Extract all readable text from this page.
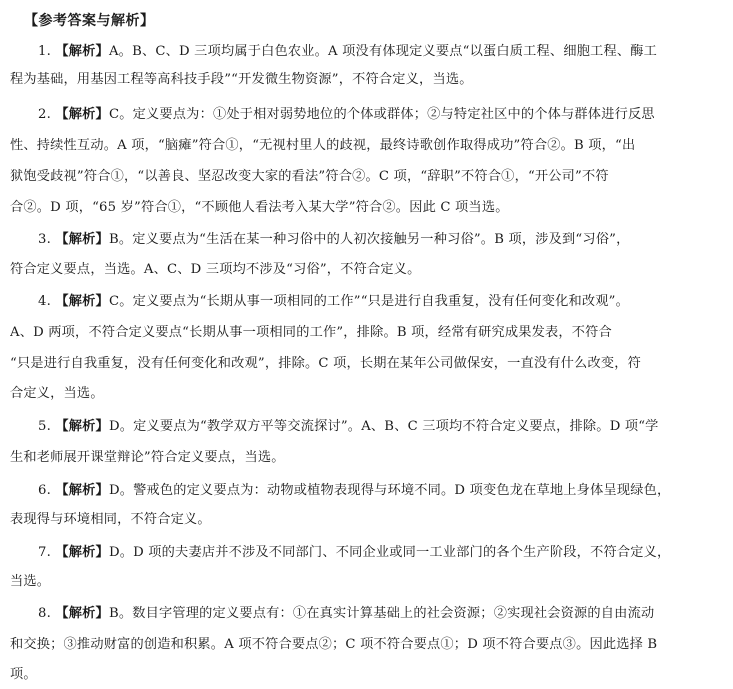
【参考答案与解析】
1. 【解析】A。B、C、D 三项均属于白色农业。A 项没有体现定义要点“以蛋白质工程、细胞工程、酶工
程为基础，用基因工程等高科技手段”“开发微生物资源”，不符合定义，当选。
2. 【解析】C。定义要点为：①处于相对弱势地位的个体或群体；②与特定社区中的个体与群体进行反思
性、持续性互动。A 项，“脑瘫”符合①，“无视村里人的歧视，最终诗歌创作取得成功”符合②。B 项，“出
狱饱受歧视”符合①，“以善良、坚忍改变大家的看法”符合②。C 项，“辞职”不符合①，“开公司”不符
合②。D 项，“65 岁”符合①，“不顾他人看法考入某大学”符合②。因此 C 项当选。
3. 【解析】B。定义要点为“生活在某一种习俗中的人初次接触另一种习俗”。B 项，涉及到“习俗”，
符合定义要点，当选。A、C、D 三项均不涉及“习俗”，不符合定义。
4. 【解析】C。定义要点为“长期从事一项相同的工作”“只是进行自我重复，没有任何变化和改观”。
A、D 两项，不符合定义要点“长期从事一项相同的工作”，排除。B 项，经常有研究成果发表，不符合
“只是进行自我重复，没有任何变化和改观”，排除。C 项，长期在某年公司做保安，一直没有什么改变，符
合定义，当选。
5. 【解析】D。定义要点为“教学双方平等交流探讨”。A、B、C 三项均不符合定义要点，排除。D 项“学
生和老师展开课堂辩论”符合定义要点，当选。
6. 【解析】D。警戒色的定义要点为：动物或植物表现得与环境不同。D 项变色龙在草地上身体呈现绿色，
表现得与环境相同，不符合定义。
7. 【解析】D。D 项的夫妻店并不涉及不同部门、不同企业或同一工业部门的各个生产阶段，不符合定义，
当选。
8. 【解析】B。数目字管理的定义要点有：①在真实计算基础上的社会资源；②实现社会资源的自由流动
和交换；③推动财富的创造和积累。A 项不符合要点②；C 项不符合要点①；D 项不符合要点③。因此选择 B
项。
